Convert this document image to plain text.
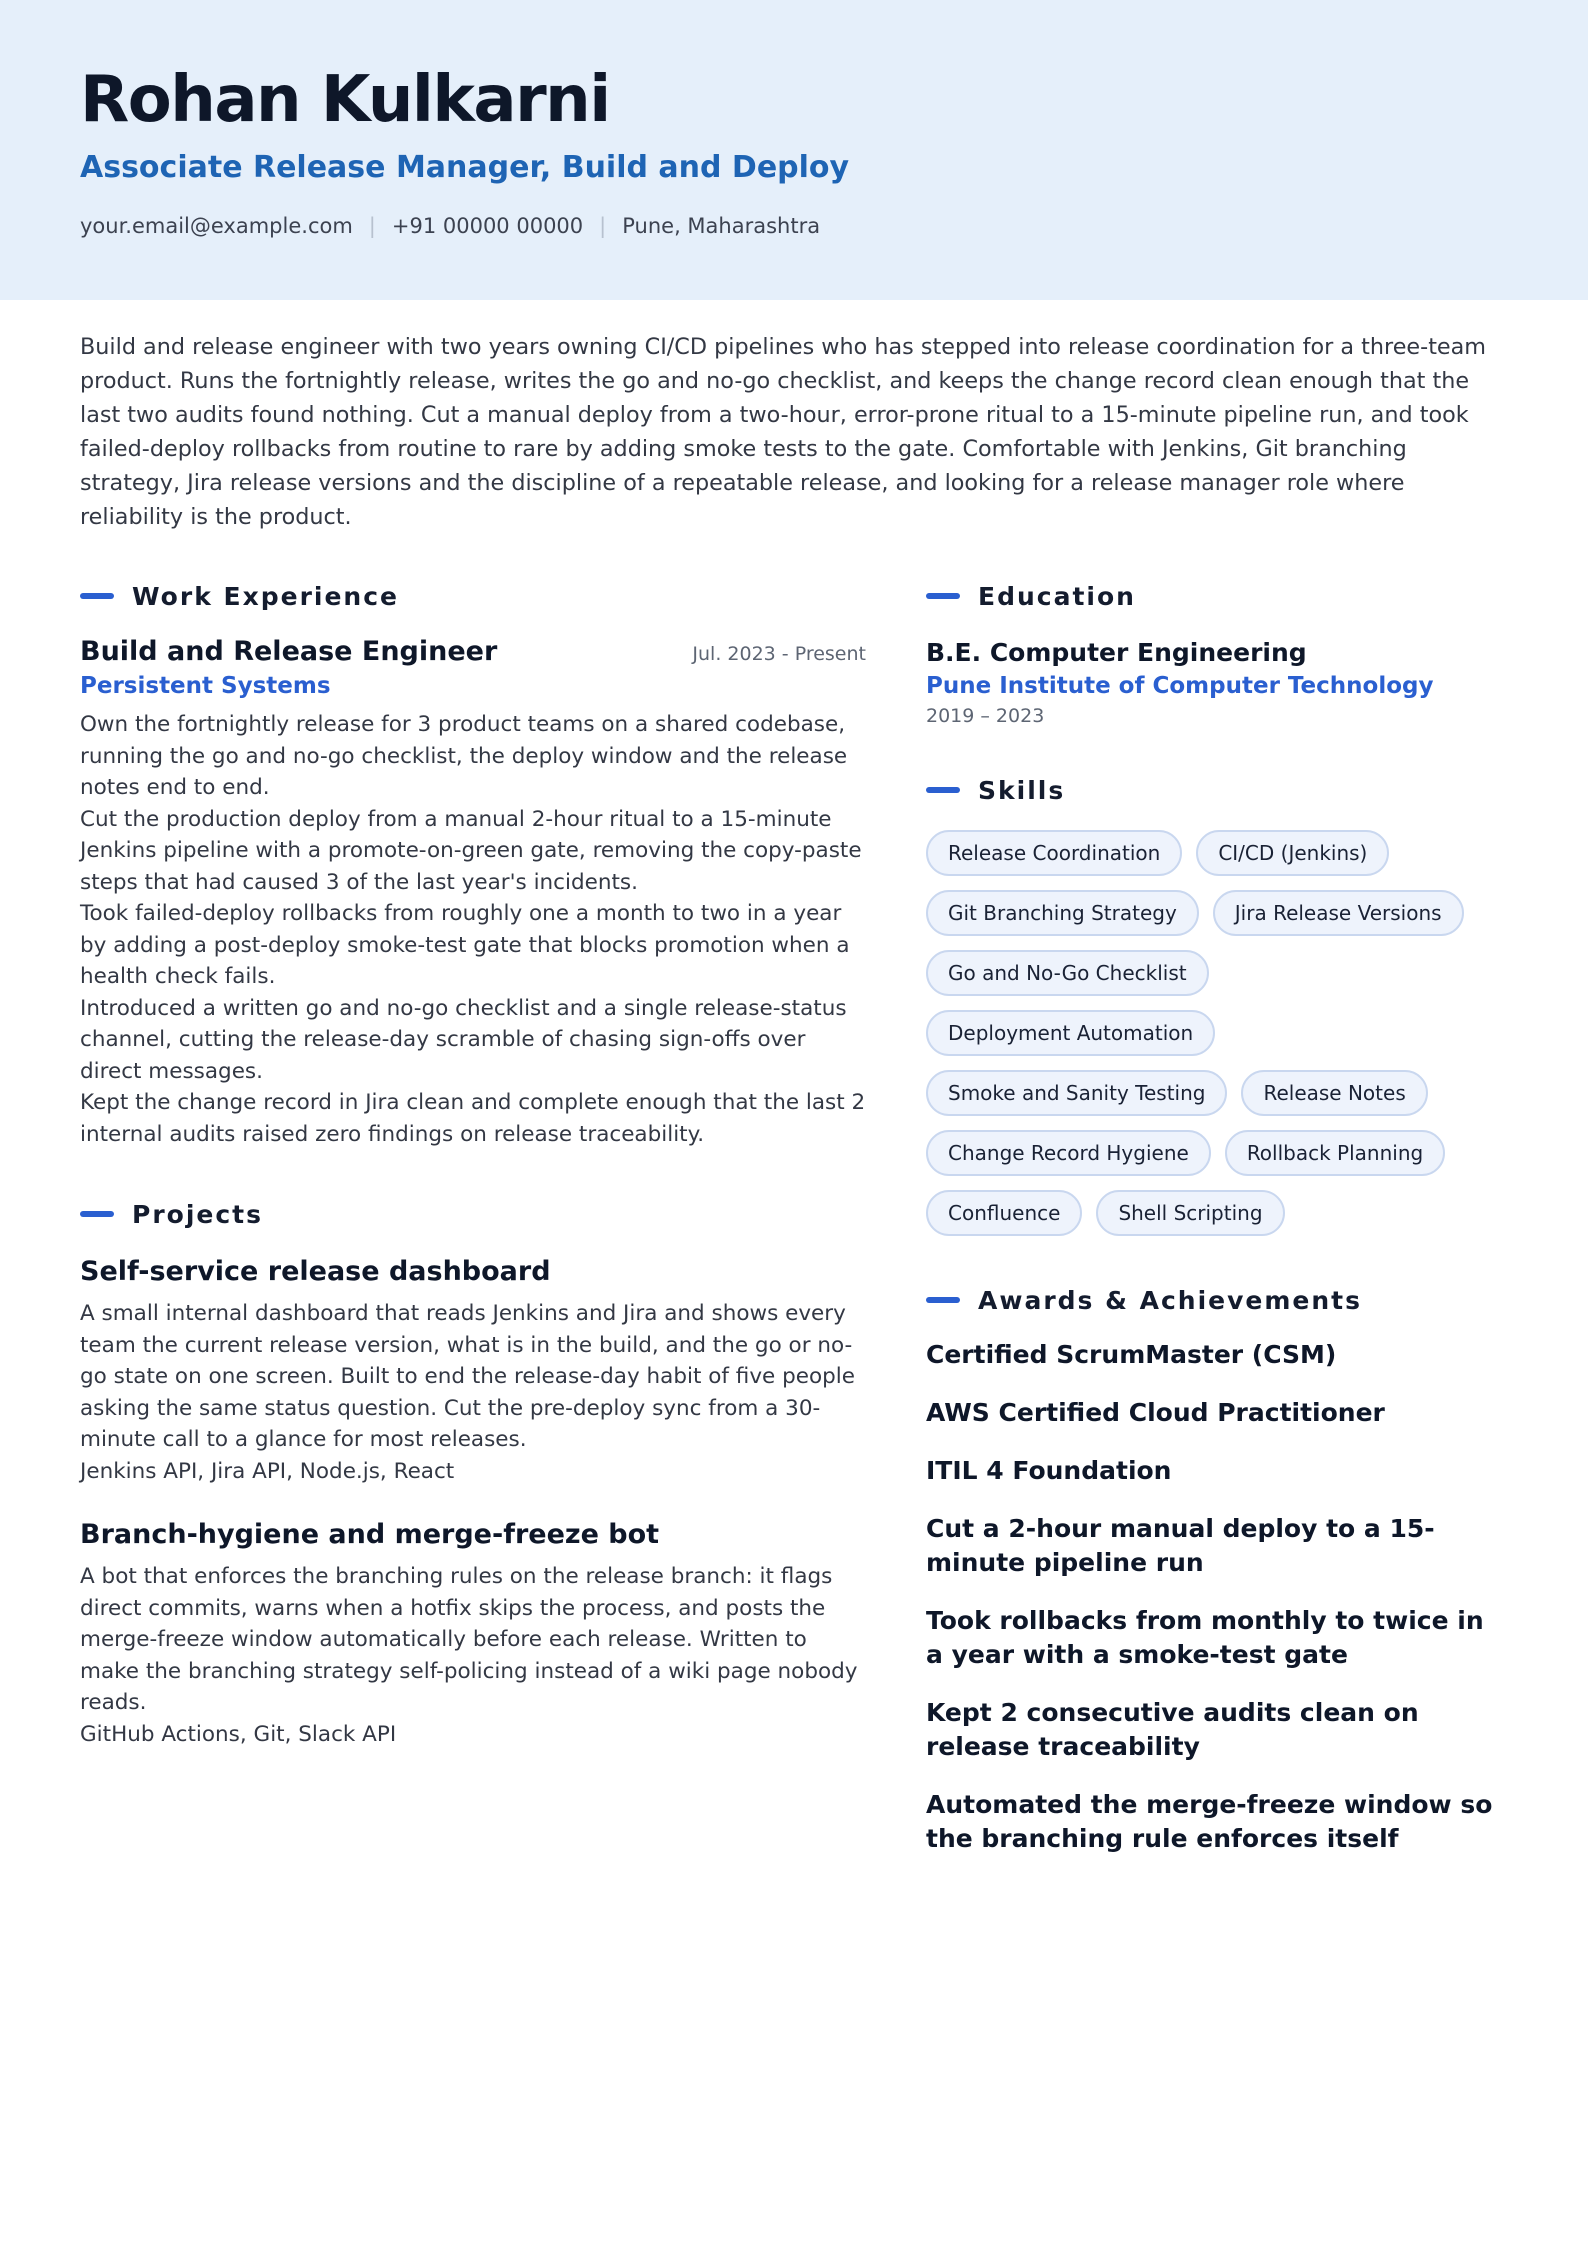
Rohan Kulkarni
Associate Release Manager, Build and Deploy
your.email@example.com | +91 00000 00000 | Pune, Maharashtra
Build and release engineer with two years owning CI/CD pipelines who has stepped into release coordination for a three-team product. Runs the fortnightly release, writes the go and no-go checklist, and keeps the change record clean enough that the last two audits found nothing. Cut a manual deploy from a two-hour, error-prone ritual to a 15-minute pipeline run, and took failed-deploy rollbacks from routine to rare by adding smoke tests to the gate. Comfortable with Jenkins, Git branching strategy, Jira release versions and the discipline of a repeatable release, and looking for a release manager role where reliability is the product.
Work Experience
Build and Release Engineer	Jul. 2023 - Present
Persistent Systems
Own the fortnightly release for 3 product teams on a shared codebase, running the go and no-go checklist, the deploy window and the release notes end to end.
Cut the production deploy from a manual 2-hour ritual to a 15-minute Jenkins pipeline with a promote-on-green gate, removing the copy-paste steps that had caused 3 of the last year's incidents.
Took failed-deploy rollbacks from roughly one a month to two in a year by adding a post-deploy smoke-test gate that blocks promotion when a health check fails.
Introduced a written go and no-go checklist and a single release-status channel, cutting the release-day scramble of chasing sign-offs over direct messages.
Kept the change record in Jira clean and complete enough that the last 2 internal audits raised zero findings on release traceability.
Projects
Self-service release dashboard
A small internal dashboard that reads Jenkins and Jira and shows every team the current release version, what is in the build, and the go or no-go state on one screen. Built to end the release-day habit of five people asking the same status question. Cut the pre-deploy sync from a 30-minute call to a glance for most releases.
Jenkins API, Jira API, Node.js, React
Branch-hygiene and merge-freeze bot
A bot that enforces the branching rules on the release branch: it flags direct commits, warns when a hotfix skips the process, and posts the merge-freeze window automatically before each release. Written to make the branching strategy self-policing instead of a wiki page nobody reads.
GitHub Actions, Git, Slack API
Education
B.E. Computer Engineering
Pune Institute of Computer Technology
2019 – 2023
Skills
Release Coordination	CI/CD (Jenkins)
Git Branching Strategy	Jira Release Versions
Go and No-Go Checklist
Deployment Automation
Smoke and Sanity Testing	Release Notes
Change Record Hygiene	Rollback Planning
Confluence	Shell Scripting
Awards & Achievements
Certified ScrumMaster (CSM)
AWS Certified Cloud Practitioner
ITIL 4 Foundation
Cut a 2-hour manual deploy to a 15-minute pipeline run
Took rollbacks from monthly to twice in a year with a smoke-test gate
Kept 2 consecutive audits clean on release traceability
Automated the merge-freeze window so the branching rule enforces itself
